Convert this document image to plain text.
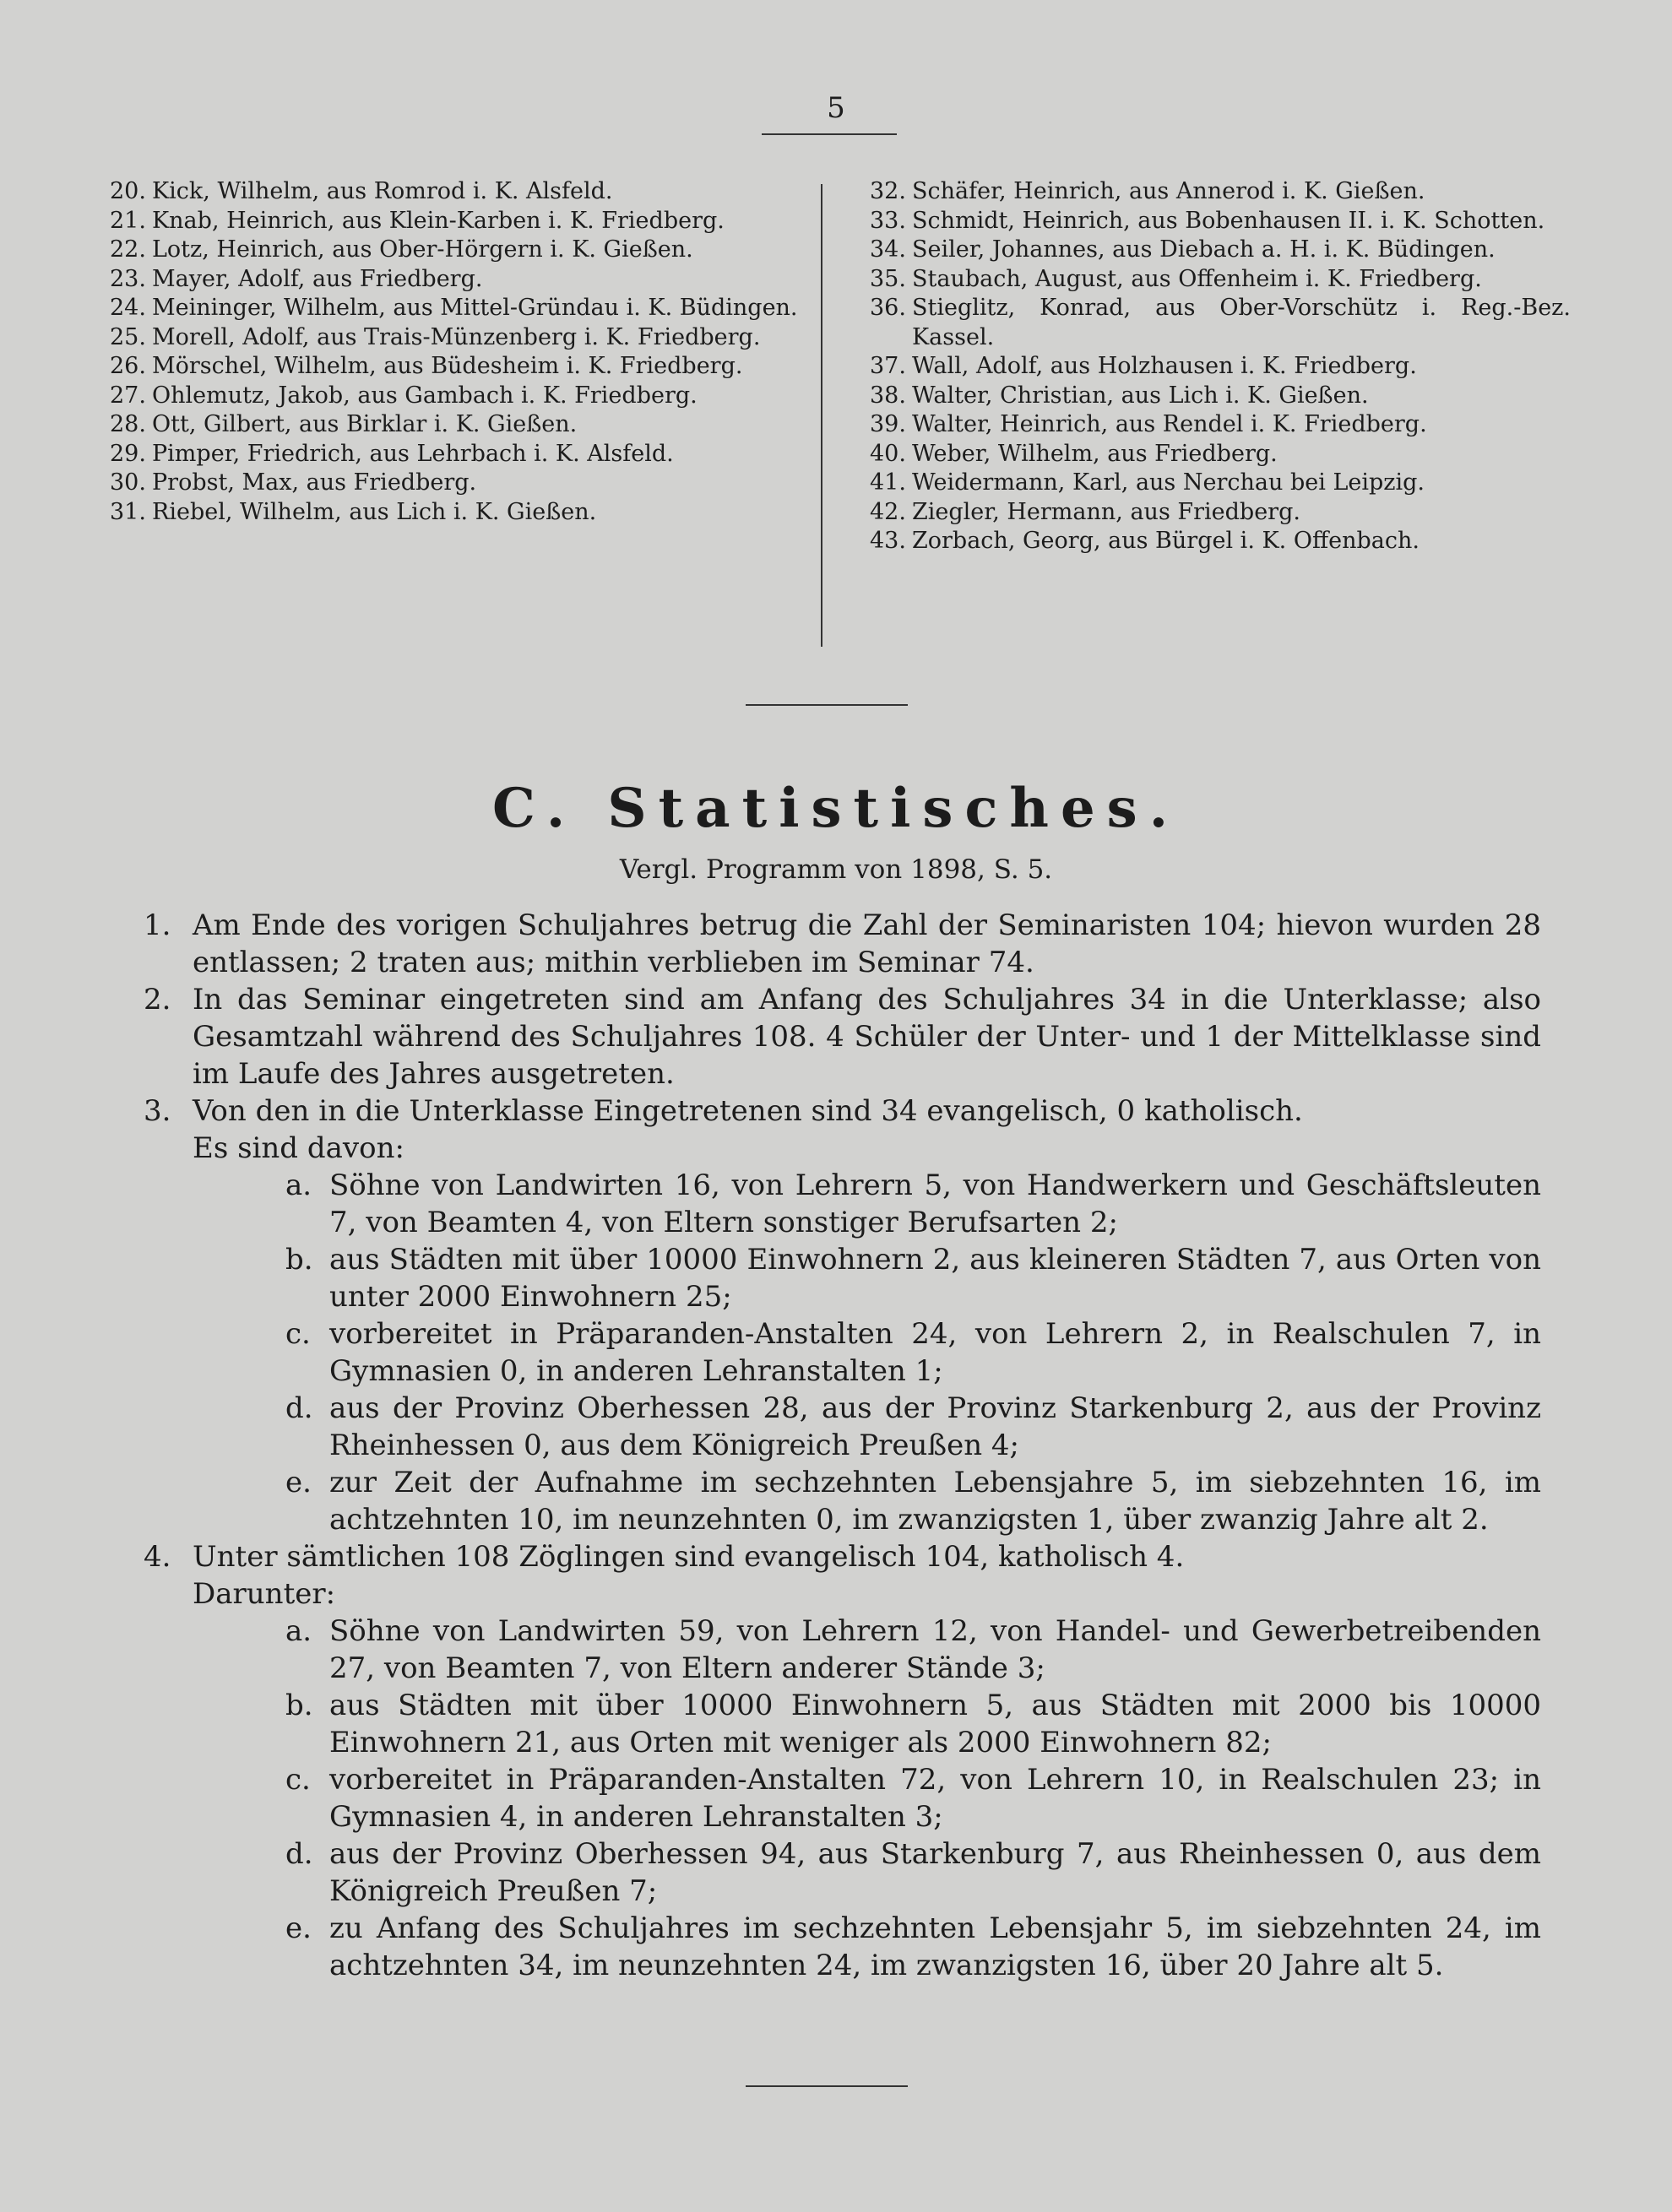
5
20. Kick, Wilhelm, aus Romrod i. K. Alsfeld.
21. Knab, Heinrich, aus Klein-Karben i. K. Friedberg.
22. Lotz, Heinrich, aus Ober-Hörgern i. K. Gießen.
23. Mayer, Adolf, aus Friedberg.
24. Meininger, Wilhelm, aus Mittel-Gründau i. K. Büdingen.
25. Morell, Adolf, aus Trais-Münzenberg i. K. Friedberg.
26. Mörschel, Wilhelm, aus Büdesheim i. K. Friedberg.
27. Ohlemutz, Jakob, aus Gambach i. K. Friedberg.
28. Ott, Gilbert, aus Birklar i. K. Gießen.
29. Pimper, Friedrich, aus Lehrbach i. K. Alsfeld.
30. Probst, Max, aus Friedberg.
31. Riebel, Wilhelm, aus Lich i. K. Gießen.
32. Schäfer, Heinrich, aus Annerod i. K. Gießen.
33. Schmidt, Heinrich, aus Bobenhausen II. i. K. Schotten.
34. Seiler, Johannes, aus Diebach a. H. i. K. Büdingen.
35. Staubach, August, aus Offenheim i. K. Friedberg.
36. Stieglitz, Konrad, aus Ober-Vorschütz i. Reg.-Bez. Kassel.
37. Wall, Adolf, aus Holzhausen i. K. Friedberg.
38. Walter, Christian, aus Lich i. K. Gießen.
39. Walter, Heinrich, aus Rendel i. K. Friedberg.
40. Weber, Wilhelm, aus Friedberg.
41. Weidermann, Karl, aus Nerchau bei Leipzig.
42. Ziegler, Hermann, aus Friedberg.
43. Zorbach, Georg, aus Bürgel i. K. Offenbach.
C. Statistisches.
Vergl. Programm von 1898, S. 5.

1. Am Ende des vorigen Schuljahres betrug die Zahl der Seminaristen 104; hievon wurden 28 entlassen; 2 traten aus; mithin verblieben im Seminar 74.

2. In das Seminar eingetreten sind am Anfang des Schuljahres 34 in die Unterklasse; also Gesamtzahl während des Schuljahres 108. 4 Schüler der Unter- und 1 der Mittelklasse sind im Laufe des Jahres ausgetreten.

3. Von den in die Unterklasse Eingetretenen sind 34 evangelisch, 0 katholisch.

Es sind davon:

a. Söhne von Landwirten 16, von Lehrern 5, von Handwerkern und Geschäftsleuten 7, von Beamten 4, von Eltern sonstiger Berufsarten 2;
b. aus Städten mit über 10000 Einwohnern 2, aus kleineren Städten 7, aus Orten von unter 2000 Einwohnern 25;
c. vorbereitet in Präparanden-Anstalten 24, von Lehrern 2, in Realschulen 7, in Gymnasien 0, in anderen Lehranstalten 1;
d. aus der Provinz Oberhessen 28, aus der Provinz Starkenburg 2, aus der Provinz Rheinhessen 0, aus dem Königreich Preußen 4;
e. zur Zeit der Aufnahme im sechzehnten Lebensjahre 5, im siebzehnten 16, im achtzehnten 10, im neunzehnten 0, im zwanzigsten 1, über zwanzig Jahre alt 2.

4. Unter sämtlichen 108 Zöglingen sind evangelisch 104, katholisch 4.

Darunter:

a. Söhne von Landwirten 59, von Lehrern 12, von Handel- und Gewerbetreibenden 27, von Beamten 7, von Eltern anderer Stände 3;
b. aus Städten mit über 10000 Einwohnern 5, aus Städten mit 2000 bis 10000 Einwohnern 21, aus Orten mit weniger als 2000 Einwohnern 82;
c. vorbereitet in Präparanden-Anstalten 72, von Lehrern 10, in Realschulen 23; in Gymnasien 4, in anderen Lehranstalten 3;
d. aus der Provinz Oberhessen 94, aus Starkenburg 7, aus Rheinhessen 0, aus dem Königreich Preußen 7;
e. zu Anfang des Schuljahres im sechzehnten Lebensjahr 5, im siebzehnten 24, im achtzehnten 34, im neunzehnten 24, im zwanzigsten 16, über 20 Jahre alt 5.
